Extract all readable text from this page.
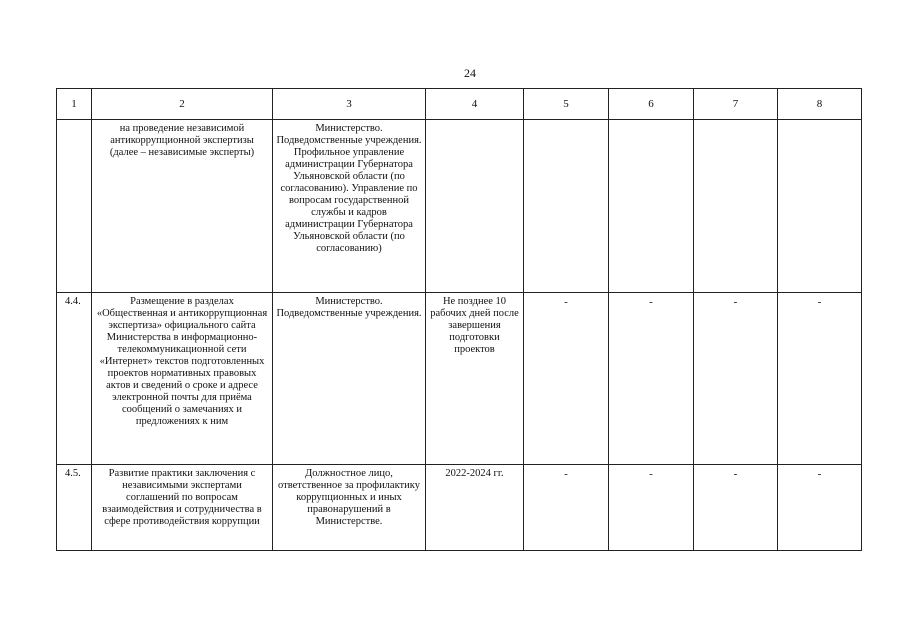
24
1	2	3	4	5	6	7	8
	на проведение независимой антикоррупционной экспертизы (далее – независимые эксперты)	Министерство. Подведомственные учреждения. Профильное управление администрации Губернатора Ульяновской области (по согласованию). Управление по вопросам государственной службы и кадров администрации Губернатора Ульяновской области (по согласованию)					
4.4.	Размещение в разделах «Общественная и антикоррупционная экспертиза» официального сайта Министерства в информационно-телекоммуникационной сети «Интернет» текстов подготовленных проектов нормативных правовых актов и сведений о сроке и адресе электронной почты для приёма сообщений о замечаниях и предложениях к ним	Министерство. Подведомственные учреждения.	Не позднее 10 рабочих дней после завершения подготовки проектов	-	-	-	-
4.5.	Развитие практики заключения с независимыми экспертами соглашений по вопросам взаимодействия и сотрудничества в сфере противодействия коррупции	Должностное лицо, ответственное за профилактику коррупционных и иных правонарушений в Министерстве.	2022-2024 гг.	-	-	-	-
